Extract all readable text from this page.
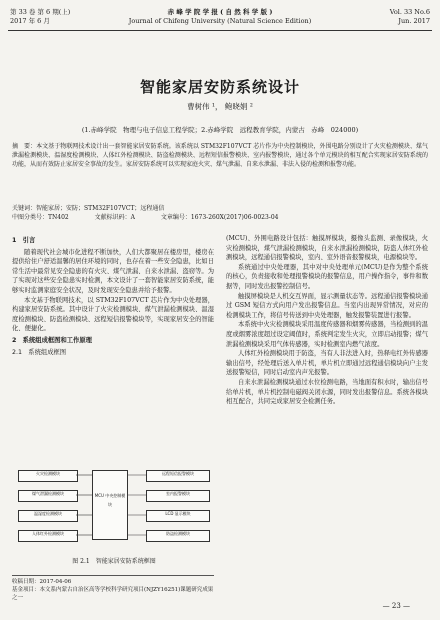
第 33 卷 第 6 期(上)
2017 年 6 月
赤 峰 学 院 学 报 ( 自 然 科 学 版 )
Journal of Chifeng University (Natural Science Edition)
Vol. 33 No.6
Jun. 2017
智能家居安防系统设计
曹树伟 ¹， 鲍晓娟 ²
(1.赤峰学院　物理与电子信息工程学院；2.赤峰学院　远程教育学院，内蒙古　赤峰　024000)
摘　要：本文基于物联网技术设计出一套智能家居安防系统。该系统以 STM32F107VCT 芯片作为中央控制模块，外围电路分别设计了火灾检测模块、煤气泄漏检测模块、温湿度检测模块、人体红外检测模块、防盗检测模块、远程短信报警模块、室内报警模块，通过各个单元模块的相互配合实现家居安防系统的功能，从而有效防止家居安全事故的发生。家居安防系统可以实现家庭火灾、煤气泄漏、自来水泄漏、非法入侵的检测和报警功能。
关键词：智能家居；安防；STM32F107VCT；远程通信
中图分类号：TN402	文献标识码：A	文章编号：1673-260X(2017)06-0023-04
1　引言

随着现代社会城市化进程不断加快，人们大都聚居在楼房里，楼房在提供给住户舒适温馨的居住环境的同时，也存在着一些安全隐患，比如日常生活中最常见安全隐患的有火灾、煤气泄漏、自来水泄漏、盗窃等。为了实现对这些安全隐患实时检测，本文设计了一套智能家居安防系统，能够实时监测家庭安全状况，及时发现安全隐患并给予报警。

本文基于物联网技术，以 STM32F107VCT 芯片作为中央处理器，构建家居安防系统。其中设计了火灾检测模块、煤气泄漏检测模块、温湿度检测模块、防盗检测模块、远程短信报警模块等，实现家居安全的智能化、便捷化。

2　系统组成框图和工作原理
2.1　系统组成框图
火灾检测模块
煤气泄漏检测模块
温湿度检测模块
人体红外检测模块
MCU 中央控制模块
远程短信报警模块
室内报警模块
LCD 显示模块
防盗检测模块
图 2.1　智能家居安防系统框图
收稿日期：2017-04-06
基金项目：本文系内蒙古自治区高等学校科学研究项目(NJZY16251)课题研究成果之一

(MCU)、外围电路设计包括：触摸屏模块，摄像头监测、录像模块，火灾检测模块，煤气泄漏检测模块，自来水泄漏检测模块，防盗人体红外检测模块，远程通信报警模块，室内、室外语音报警模块，电源模块等。

系统通过中央处理器，其中对中央处理单元(MCU)是作为整个系统的核心，负责接收和处理报警模块的报警信息，用户操作指令，事件和数据等，同时发出报警控制信号。

触摸屏模块是人机交互界面，显示测量状态等。远程通信报警模块通过 GSM 短信方式向用户发出报警信息。当室内出现异常情况，对应的检测模块工作，将信号传送到中央处理器，触发报警装置进行报警。

本系统中火灾检测模块采用温度传感器和烟雾传感器，当检测到的温度或烟雾浓度超过设定阈值时，系统判定发生火灾，立即启动报警；煤气泄漏检测模块采用气体传感器，实时检测室内燃气浓度。

人体红外检测模块用于防盗，当有人非法进入时，热释电红外传感器输出信号，经处理后送入单片机，单片机立即通过远程通信模块向户主发送报警短信，同时启动室内声光报警。

自来水泄漏检测模块通过水位检测电路，当地面有积水时，输出信号给单片机，单片机控制电磁阀关闭水源，同时发出报警信息。系统各模块相互配合，共同完成家居安全检测任务。

— 23 —
